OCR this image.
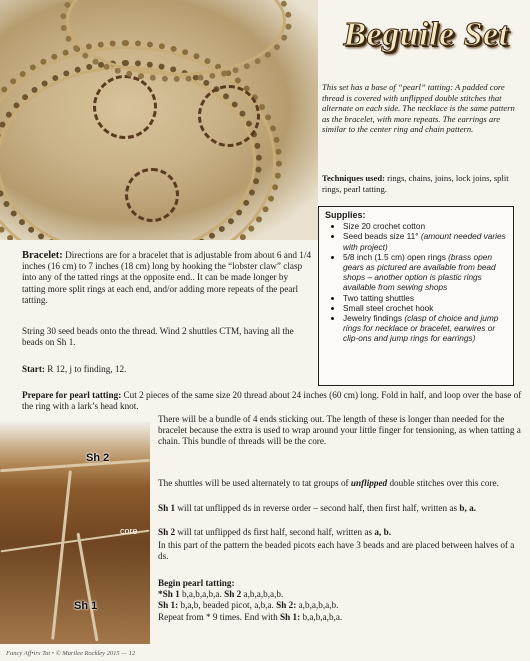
Beguile Set
This set has a base of “pearl” tatting: A padded core thread is covered with unflipped double stitches that alternate on each side. The necklace is the same pattern as the bracelet, with more repeats. The earrings are similar to the center ring and chain pattern.
Techniques used: rings, chains, joins, lock joins, split rings, pearl tatting.
Supplies:
• Size 20 crochet cotton
• Seed beads size 11° (amount needed varies with project)
• 5/8 inch (1.5 cm) open rings (brass open gears as pictured are available from bead shops – another option is plastic rings available from sewing shops
• Two tatting shuttles
• Small steel crochet hook
• Jewelry findings (clasp of choice and jump rings for necklace or bracelet, earwires or clip-ons and jump rings for earrings)
Bracelet: Directions are for a bracelet that is adjustable from about 6 and 1/4 inches (16 cm) to 7 inches (18 cm) long by hooking the “lobster claw” clasp into any of the tatted rings at the opposite end.. It can be made longer by tatting more split rings at each end, and/or adding more repeats of the pearl tatting.
String 30 seed beads onto the thread. Wind 2 shuttles CTM, having all the beads on Sh 1.
Start: R 12, j to finding, 12.
Prepare for pearl tatting: Cut 2 pieces of the same size 20 thread about 24 inches (60 cm) long. Fold in half, and loop over the base of the ring with a lark’s head knot.
There will be a bundle of 4 ends sticking out. The length of these is longer than needed for the bracelet because the extra is used to wrap around your little finger for tensioning, as when tatting a chain. This bundle of threads will be the core.
Sh 2
core
Sh 1
The shuttles will be used alternately to tat groups of unflipped double stitches over this core.
Sh 1 will tat unflipped ds in reverse order – second half, then first half, written as b, a.
Sh 2 will tat unflipped ds first half, second half, written as a, b.
In this part of the pattern the beaded picots each have 3 beads and are placed between halves of a ds.
Begin pearl tatting:
*Sh 1 b,a,b,a,b,a. Sh 2 a,b,a,b,a,b.
Sh 1: b,a,b, beaded picot, a,b,a. Sh 2: a,b,a,b,a,b.
Repeat from * 9 times. End with Sh 1: b,a,b,a,b,a.
Fancy Aff•irs Tat • © Marilee Rockley 2015 — 12
